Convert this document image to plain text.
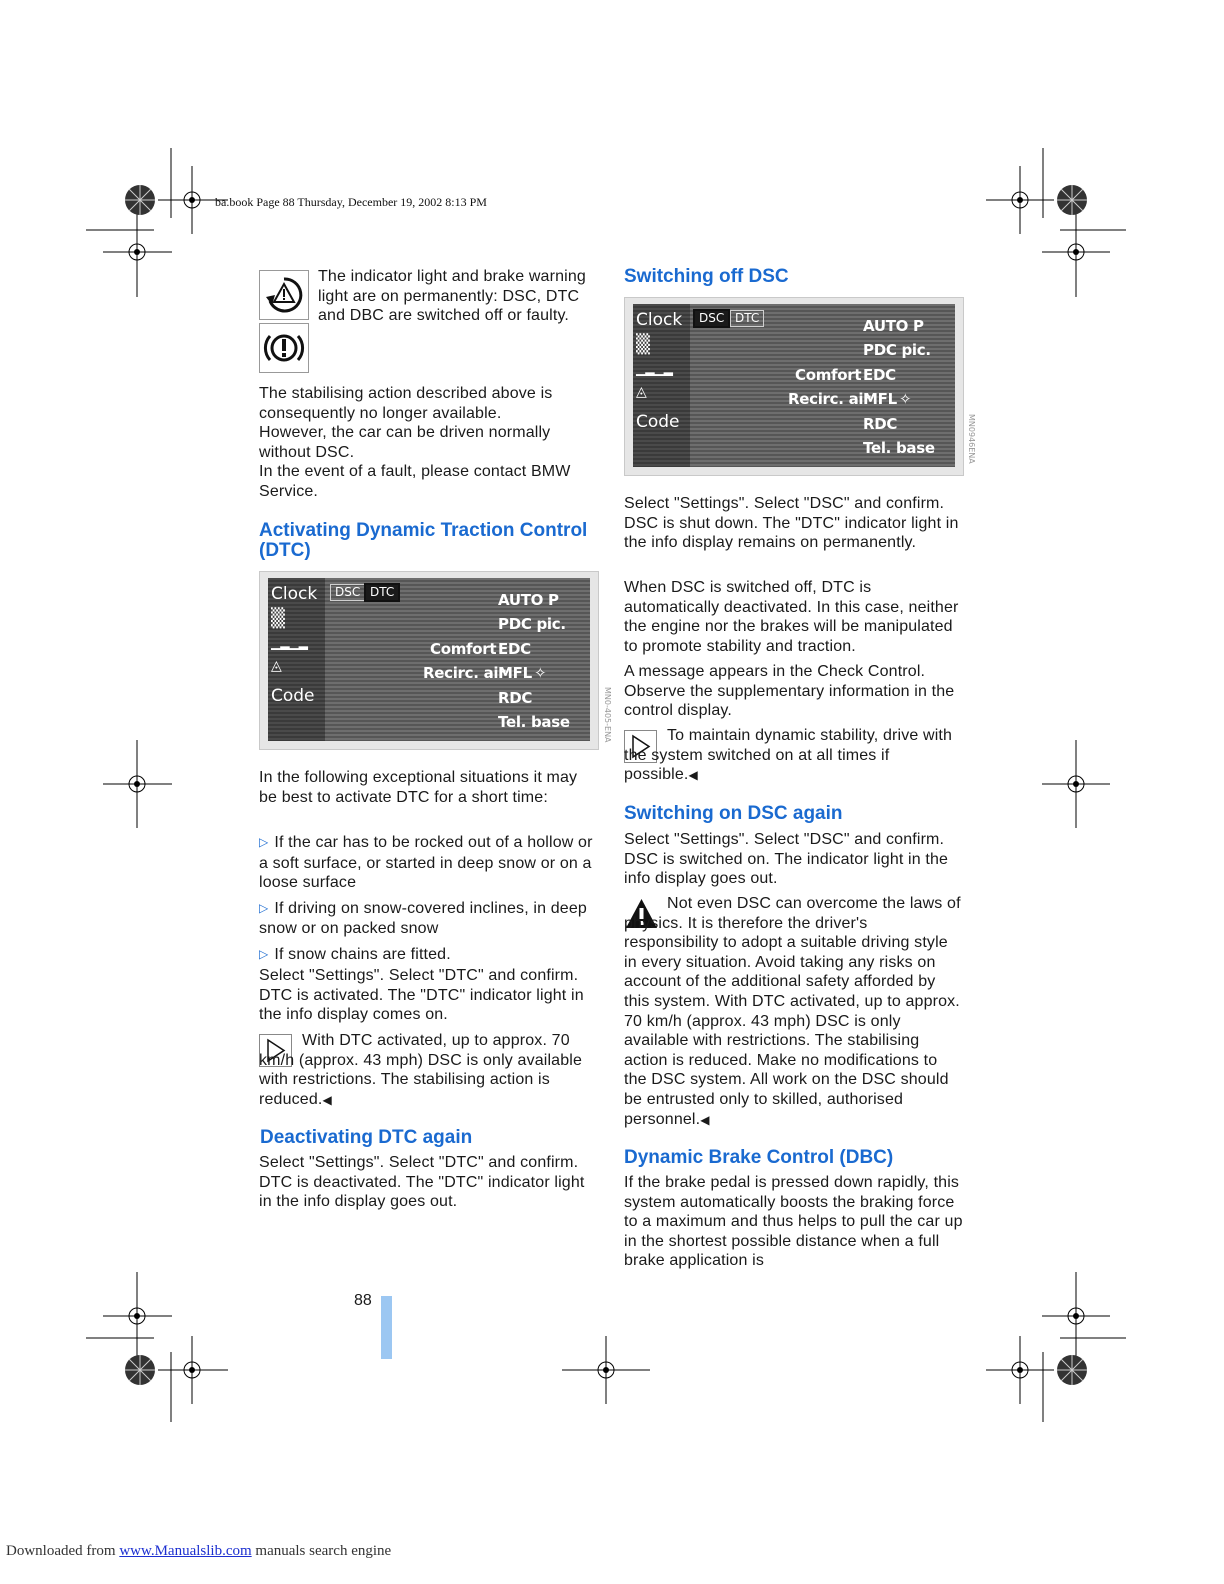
ba.book Page 88 Thursday, December 19, 2002 8:13 PM
The indicator light and brake warning light are on permanently: DSC, DTC and DBC are switched off or faulty.
The stabilising action described above is
consequently no longer available.
However, the car can be driven normally
without DSC.
In the event of a fault, please contact BMW
Service.
Activating Dynamic Traction Control (DTC)
Clock
▒
▁▂▁▂
◬
Code
DSC DTC	AUTO P
PDC pic.
Comfort EDC
Recirc. air
MFL ✧
RDC
Tel. base	MN0-405-ENA
In the following exceptional situations it may be best to activate DTC for a short time:
▷ If the car has to be rocked out of a hollow or a soft surface, or started in deep snow or on a loose surface
▷ If driving on snow-covered inclines, in deep snow or on packed snow
▷ If snow chains are fitted.
Select "Settings". Select "DTC" and confirm. DTC is activated. The "DTC" indicator light in the info display comes on.
With DTC activated, up to approx. 70 km/h (approx. 43 mph) DSC is only available with restrictions. The stabilising action is reduced.◀
Deactivating DTC again
Select "Settings". Select "DTC" and confirm. DTC is deactivated. The "DTC" indicator light in the info display goes out.
Switching off DSC
Clock
▒
▁▂▁▂
◬
Code
DSC DTC	AUTO P
PDC pic.
Comfort EDC
Recirc. air
MFL ✧
RDC
Tel. base	MN0946ENA
Select "Settings". Select "DSC" and confirm. DSC is shut down. The "DTC" indicator light in the info display remains on permanently.
When DSC is switched off, DTC is automatically deactivated. In this case, neither the engine nor the brakes will be manipulated to promote stability and traction.
A message appears in the Check Control. Observe the supplementary information in the control display.
To maintain dynamic stability, drive with the system switched on at all times if possible.◀
Switching on DSC again
Select "Settings". Select "DSC" and confirm. DSC is switched on. The indicator light in the info display goes out.
Not even DSC can overcome the laws of physics. It is therefore the driver's responsibility to adopt a suitable driving style in every situation. Avoid taking any risks on account of the additional safety afforded by this system. With DTC activated, up to approx. 70 km/h (approx. 43 mph) DSC is only available with restrictions. The stabilising action is reduced. Make no modifications to the DSC system. All work on the DSC should be entrusted only to skilled, authorised personnel.◀
Dynamic Brake Control (DBC)
If the brake pedal is pressed down rapidly, this system automatically boosts the braking force to a maximum and thus helps to pull the car up in the shortest possible distance when a full brake application is
88
Downloaded from www.Manualslib.com manuals search engine
